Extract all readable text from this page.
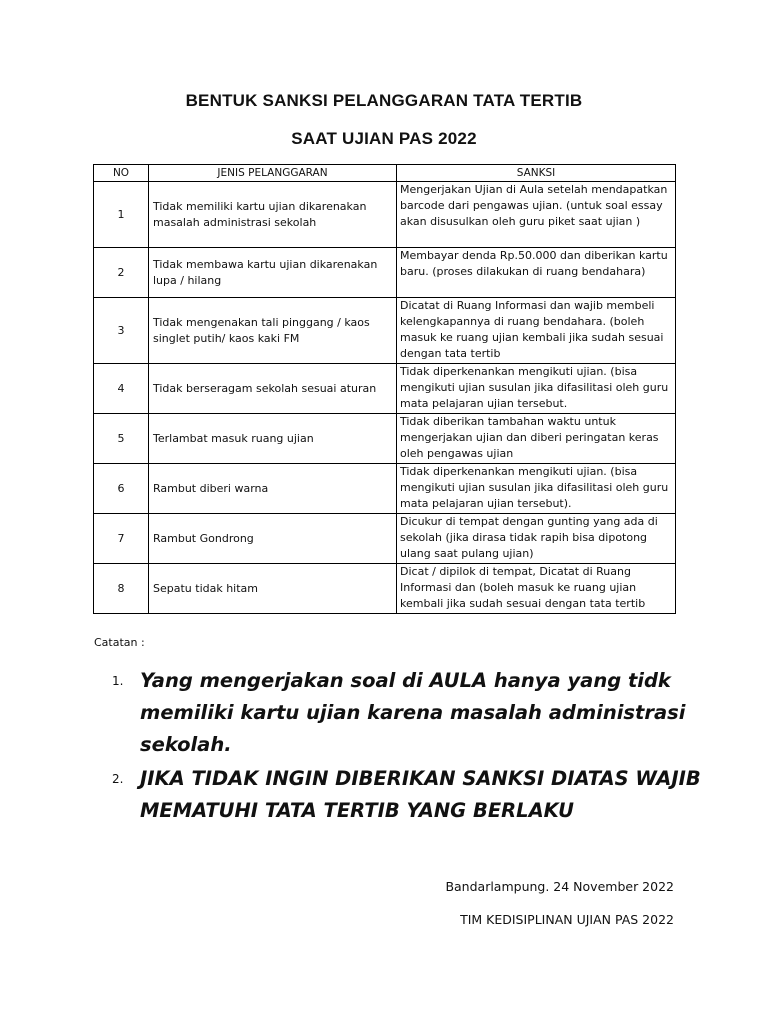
BENTUK SANKSI PELANGGARAN TATA TERTIB
SAAT UJIAN PAS 2022
NO	JENIS PELANGGARAN	SANKSI
1	Tidak memiliki kartu ujian dikarenakan masalah administrasi sekolah	Mengerjakan Ujian di Aula setelah mendapatkan barcode dari pengawas ujian. (untuk soal essay akan disusulkan oleh guru piket saat ujian )
2	Tidak membawa kartu ujian dikarenakan lupa / hilang	Membayar denda Rp.50.000 dan diberikan kartu baru. (proses dilakukan di ruang bendahara)
3	Tidak mengenakan tali pinggang / kaos singlet putih/ kaos kaki FM	Dicatat di Ruang Informasi dan wajib membeli kelengkapannya di ruang bendahara. (boleh masuk ke ruang ujian kembali jika sudah sesuai dengan tata tertib
4	Tidak berseragam sekolah sesuai aturan	Tidak diperkenankan mengikuti ujian. (bisa mengikuti ujian susulan jika difasilitasi oleh guru mata pelajaran ujian tersebut.
5	Terlambat masuk ruang ujian	Tidak diberikan tambahan waktu untuk mengerjakan ujian dan diberi peringatan keras oleh pengawas ujian
6	Rambut diberi warna	Tidak diperkenankan mengikuti ujian. (bisa mengikuti ujian susulan jika difasilitasi oleh guru mata pelajaran ujian tersebut).
7	Rambut Gondrong	Dicukur di tempat dengan gunting yang ada di sekolah (jika dirasa tidak rapih bisa dipotong ulang saat pulang ujian)
8	Sepatu tidak hitam	Dicat / dipilok di tempat, Dicatat di Ruang Informasi dan (boleh masuk ke ruang ujian kembali jika sudah sesuai dengan tata tertib
Catatan :
1. Yang mengerjakan soal di AULA hanya yang tidk memiliki kartu ujian karena masalah administrasi sekolah.
2. JIKA TIDAK INGIN DIBERIKAN SANKSI DIATAS WAJIB MEMATUHI TATA TERTIB YANG BERLAKU
Bandarlampung. 24 November 2022
TIM KEDISIPLINAN UJIAN PAS 2022
